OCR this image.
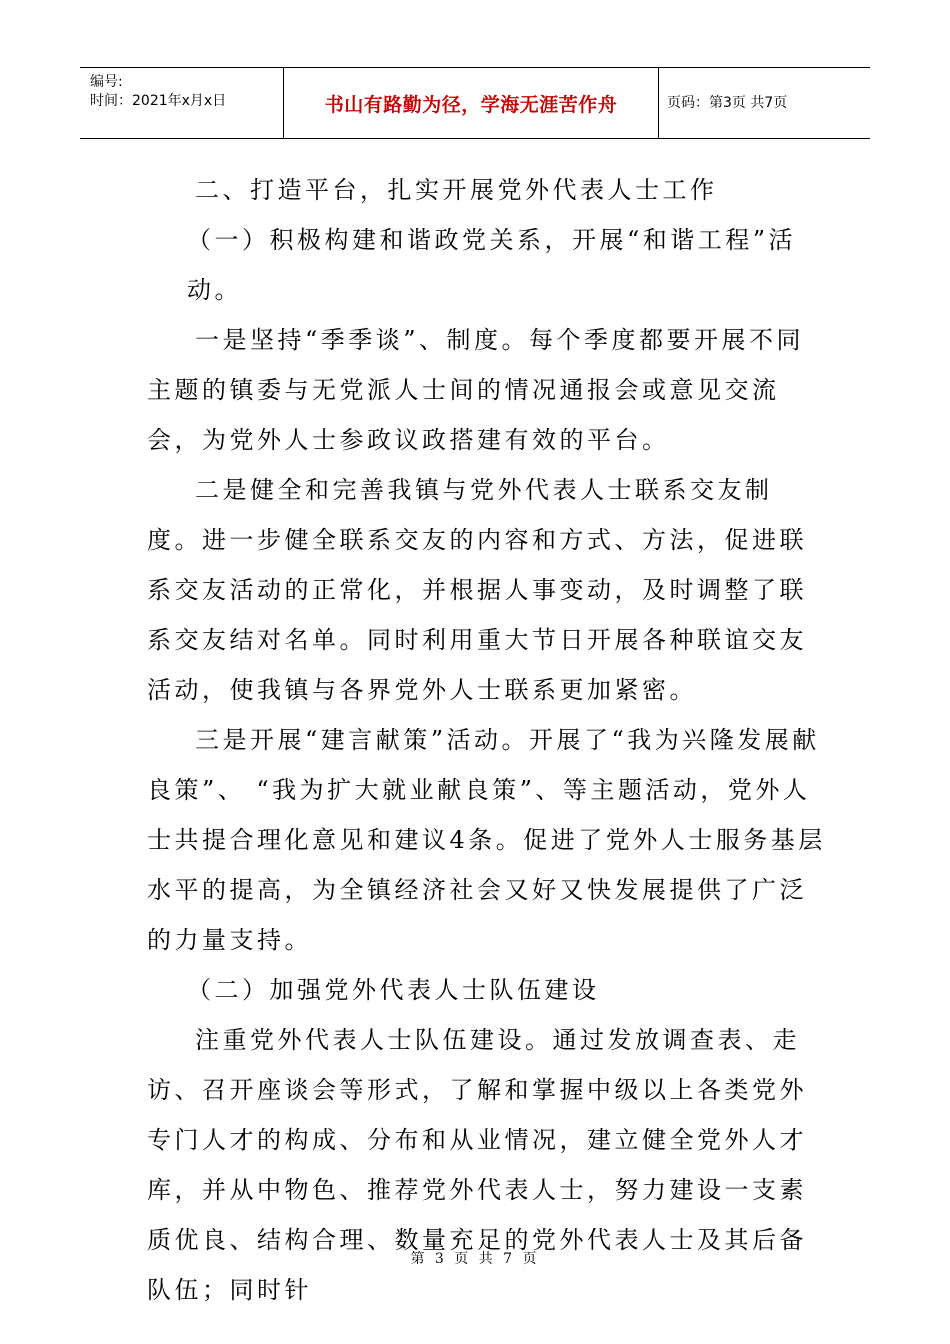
编号:
时间：2021年x月x日	书山有路勤为径，学海无涯苦作舟	页码：第3页 共7页

二、打造平台，扎实开展党外代表人士工作

（一）积极构建和谐政党关系，开展“和谐工程”活动。

一是坚持“季季谈”、制度。每个季度都要开展不同主题的镇委与无党派人士间的情况通报会或意见交流会，为党外人士参政议政搭建有效的平台。

二是健全和完善我镇与党外代表人士联系交友制度。进一步健全联系交友的内容和方式、方法，促进联系交友活动的正常化，并根据人事变动，及时调整了联系交友结对名单。同时利用重大节日开展各种联谊交友活动，使我镇与各界党外人士联系更加紧密。

三是开展“建言献策”活动。开展了“我为兴隆发展献良策”、 “我为扩大就业献良策”、等主题活动，党外人士共提合理化意见和建议4条。促进了党外人士服务基层水平的提高，为全镇经济社会又好又快发展提供了广泛的力量支持。

（二）加强党外代表人士队伍建设

注重党外代表人士队伍建设。通过发放调查表、走访、召开座谈会等形式，了解和掌握中级以上各类党外专门人才的构成、分布和从业情况，建立健全党外人才库，并从中物色、推荐党外代表人士，努力建设一支素质优良、结构合理、数量充足的党外代表人士及其后备队伍；同时针

第 3 页 共 7 页
